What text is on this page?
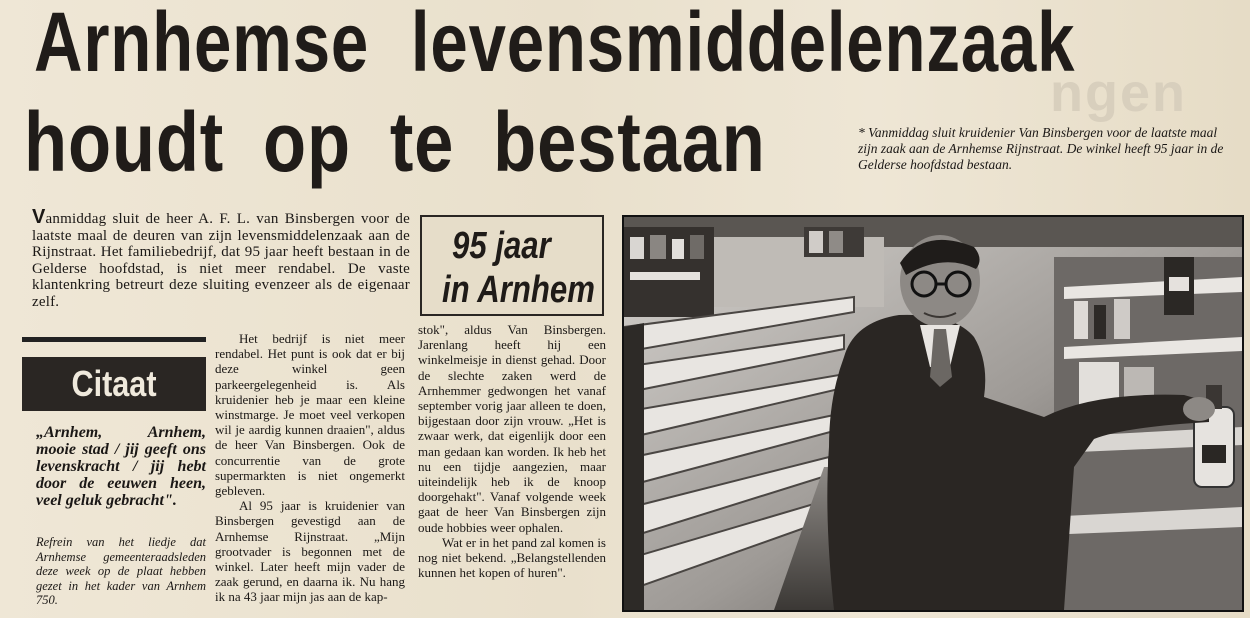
ngen
Arnhemse levensmiddelenzaak
houdt op te bestaan	* Vanmiddag sluit kruidenier Van Binsbergen voor de laatste maal zijn zaak aan de Arnhemse Rijnstraat. De winkel heeft 95 jaar in de Gelderse hoofdstad bestaan.

Vanmiddag sluit de heer A. F. L. van Binsbergen voor de laatste maal de deuren van zijn levensmiddelenzaak aan de Rijnstraat. Het familiebedrijf, dat 95 jaar heeft bestaan in de Gelderse hoofdstad, is niet meer rendabel. De vaste klantenkring betreurt deze sluiting evenzeer als de eigenaar zelf.

Citaat

„Arnhem, Arnhem, mooie stad / jij geeft ons levenskracht / jij hebt door de eeuwen heen, veel geluk gebracht".

Refrein van het liedje dat Arnhemse gemeenteraadsleden deze week op de plaat hebben gezet in het kader van Arnhem 750.

Het bedrijf is niet meer rendabel. Het punt is ook dat er bij deze winkel geen parkeergelegenheid is. Als kruidenier heb je maar een kleine winstmarge. Je moet veel verkopen wil je aardig kunnen draaien", aldus de heer Van Binsbergen. Ook de concurrentie van de grote supermarkten is niet ongemerkt gebleven.

Al 95 jaar is kruidenier van Binsbergen gevestigd aan de Arnhemse Rijnstraat. „Mijn grootvader is begonnen met de winkel. Later heeft mijn vader de zaak gerund, en daarna ik. Nu hang ik na 43 jaar mijn jas aan de kap-

95 jaar
in Arnhem

stok", aldus Van Binsbergen. Jarenlang heeft hij een winkelmeisje in dienst gehad. Door de slechte zaken werd de Arnhemmer gedwongen het vanaf september vorig jaar alleen te doen, bijgestaan door zijn vrouw. „Het is zwaar werk, dat eigenlijk door een man gedaan kan worden. Ik heb het nu een tijdje aangezien, maar uiteindelijk heb ik de knoop doorgehakt". Vanaf volgende week gaat de heer Van Binsbergen zijn oude hobbies weer ophalen.

Wat er in het pand zal komen is nog niet bekend. „Belangstellenden kunnen het kopen of huren".
